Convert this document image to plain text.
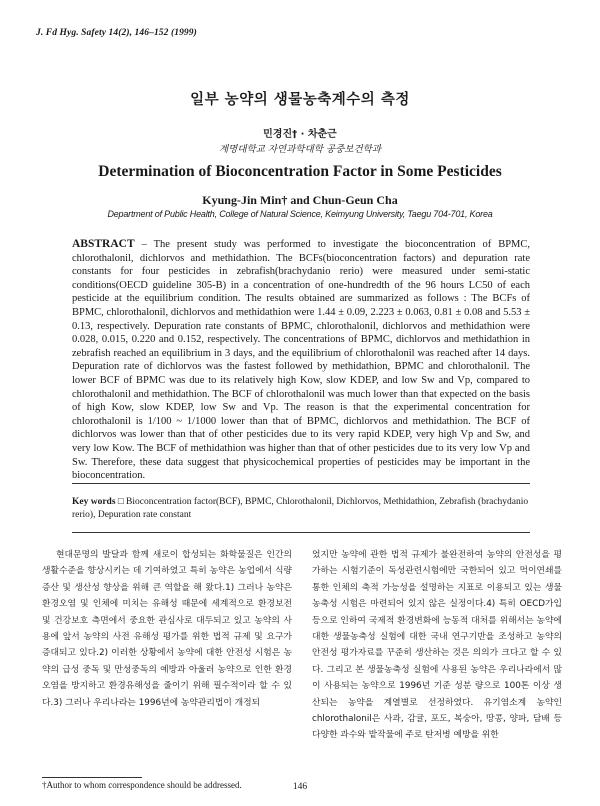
J. Fd Hyg. Safety 14(2), 146–152 (1999)
일부 농약의 생물농축계수의 측정
민경진† · 차춘근
계명대학교 자연과학대학 공중보건학과
Determination of Bioconcentration Factor in Some Pesticides
Kyung-Jin Min† and Chun-Geun Cha
Department of Public Health, College of Natural Science, Keimyung University, Taegu 704-701, Korea
ABSTRACT – The present study was performed to investigate the bioconcentration of BPMC, chlorothalonil, dichlorvos and methidathion. The BCFs(bioconcentration factors) and depuration rate constants for four pesticides in zebrafish(brachydanio rerio) were measured under semi-static conditions(OECD guideline 305-B) in a concentration of one-hundredth of the 96 hours LC50 of each pesticide at the equilibrium condition. The results obtained are summarized as follows : The BCFs of BPMC, chlorothalonil, dichlorvos and methidathion were 1.44 ± 0.09, 2.223 ± 0.063, 0.81 ± 0.08 and 5.53 ± 0.13, respectively. Depuration rate constants of BPMC, chlorothalonil, dichlorvos and methidathion were 0.028, 0.015, 0.220 and 0.152, respectively. The concentrations of BPMC, dichlorvos and methidathion in zebrafish reached an equilibrium in 3 days, and the equilibrium of chlorothalonil was reached after 14 days. Depuration rate of dichlorvos was the fastest followed by methidathion, BPMC and chlorothalonil. The lower BCF of BPMC was due to its relatively high Kow, slow KDEP, and low Sw and Vp, compared to chlorothalonil and methidathion. The BCF of chlorothalonil was much lower than that expected on the basis of high Kow, slow KDEP, low Sw and Vp. The reason is that the experimental concentration for chlorothalonil is 1/100 ~ 1/1000 lower than that of BPMC, dichlorvos and methidathion. The BCF of dichlorvos was lower than that of other pesticides due to its very rapid KDEP, very high Vp and Sw, and very low Kow. The BCF of methidathion was higher than that of other pesticides due to its very low Vp and Sw. Therefore, these data suggest that physicochemical properties of pesticides may be important in the bioconcentration.
Key words □ Bioconcentration factor(BCF), BPMC, Chlorothalonil, Dichlorvos, Methidathion, Zebrafish (brachydanio rerio), Depuration rate constant

현대문명의 발달과 함께 새로이 합성되는 화학물질은 인간의 생활수준을 향상시키는 데 기여하였고 특히 농약은 농업에서 식량증산 및 생산성 향상을 위해 큰 역할을 해 왔다.1) 그러나 농약은 환경오염 및 인체에 미치는 유해성 때문에 세계적으로 환경보전 및 건강보호 측면에서 중요한 관심사로 대두되고 있고 농약의 사용에 앞서 농약의 사전 유해성 평가를 위한 법적 규제 및 요구가 증대되고 있다.2) 이러한 상황에서 농약에 대한 안전성 시험은 농약의 급성 중독 및 만성중독의 예방과 아울러 농약으로 인한 환경오염을 방지하고 환경유해성을 줄이기 위해 필수적이라 할 수 있다.3) 그러나 우리나라는 1996년에 농약관리법이 개정되

었지만 농약에 관한 법적 규제가 불완전하여 농약의 안전성을 평가하는 시험기준이 독성관련시험에만 국한되어 있고 먹이연쇄를 통한 인체의 축적 가능성을 설명하는 지표로 이용되고 있는 생물농축성 시험은 마련되어 있지 않은 실정이다.4) 특히 OECD가입 등으로 인하여 국제적 환경변화에 능동적 대처를 위해서는 농약에 대한 생물농축성 실험에 대한 국내 연구기반을 조성하고 농약의 안전성 평가자료를 꾸준히 생산하는 것은 의의가 크다고 할 수 있다. 그리고 본 생물농축성 실험에 사용된 농약은 우리나라에서 많이 사용되는 농약으로 1996년 기준 성분 량으로 100톤 이상 생산되는 농약을 계열별로 선정하였다. 유기염소계 농약인 chlorothalonil은 사과, 감귤, 포도, 복숭아, 땅콩, 양파, 담배 등 다양한 과수와 밭작물에 주로 탄저병 예방을 위한

†Author to whom correspondence should be addressed.	146
